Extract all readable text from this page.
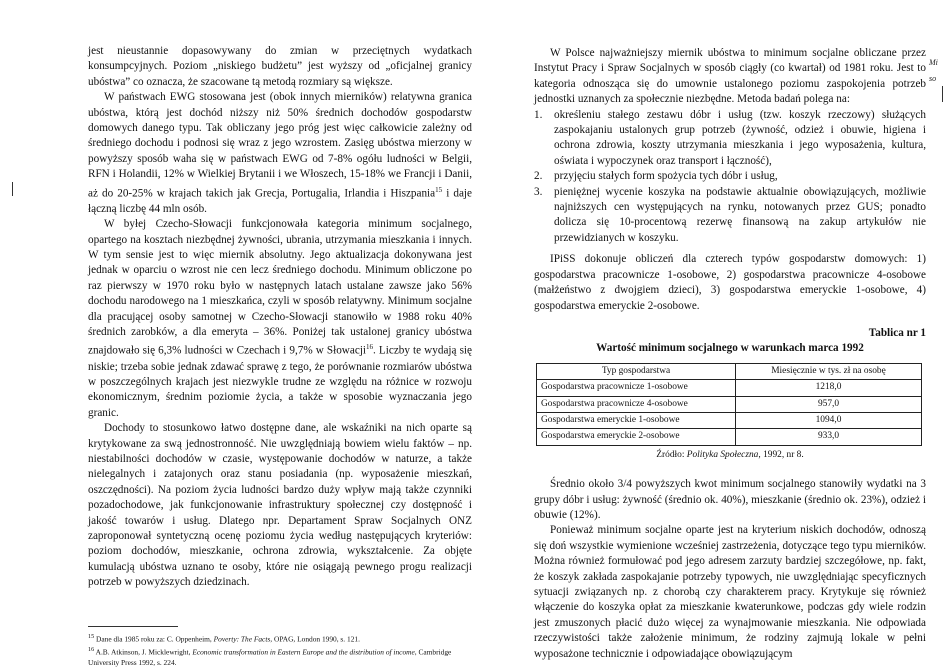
jest nieustannie dopasowywany do zmian w przeciętnych wydatkach konsumpcyjnych. Poziom „niskiego budżetu” jest wyższy od „oficjalnej granicy ubóstwa” co oznacza, że szacowane tą metodą rozmiary są większe.

W państwach EWG stosowana jest (obok innych mierników) relatywna granica ubóstwa, którą jest dochód niższy niż 50% średnich dochodów gospodarstw domowych danego typu. Tak obliczany jego próg jest więc całkowicie zależny od średniego dochodu i podnosi się wraz z jego wzrostem. Zasięg ubóstwa mierzony w powyższy sposób waha się w państwach EWG od 7-8% ogółu ludności w Belgii, RFN i Holandii, 12% w Wielkiej Brytanii i we Włoszech, 15-18% we Francji i Danii, aż do 20-25% w krajach takich jak Grecja, Portugalia, Irlandia i Hiszpania$^{15}$ i daje łączną liczbę 44 mln osób.

W byłej Czecho-Słowacji funkcjonowała kategoria minimum socjalnego, opartego na kosztach niezbędnej żywności, ubrania, utrzymania mieszkania i innych. W tym sensie jest to więc miernik absolutny. Jego aktualizacja dokonywana jest jednak w oparciu o wzrost nie cen lecz średniego dochodu. Minimum obliczone po raz pierwszy w 1970 roku było w następnych latach ustalane zawsze jako 56% dochodu narodowego na 1 mieszkańca, czyli w sposób relatywny. Minimum socjalne dla pracującej osoby samotnej w Czecho-Słowacji stanowiło w 1988 roku 40% średnich zarobków, a dla emeryta – 36%. Poniżej tak ustalonej granicy ubóstwa znajdowało się 6,3% ludności w Czechach i 9,7% w Słowacji$^{16}$. Liczby te wydają się niskie; trzeba sobie jednak zdawać sprawę z tego, że porównanie rozmiarów ubóstwa w poszczególnych krajach jest niezwykle trudne ze względu na różnice w rozwoju ekonomicznym, średnim poziomie życia, a także w sposobie wyznaczania jego granic.

Dochody to stosunkowo łatwo dostępne dane, ale wskaźniki na nich oparte są krytykowane za swą jednostronność. Nie uwzględniają bowiem wielu faktów – np. niestabilności dochodów w czasie, występowanie dochodów w naturze, a także nielegalnych i zatajonych oraz stanu posiadania (np. wyposażenie mieszkań, oszczędności). Na poziom życia ludności bardzo duży wpływ mają także czynniki pozadochodowe, jak funkcjonowanie infrastruktury społecznej czy dostępność i jakość towarów i usług. Dlatego npr. Departament Spraw Socjalnych ONZ zaproponował syntetyczną ocenę poziomu życia według następujących kryteriów: poziom dochodów, mieszkanie, ochrona zdrowia, wykształcenie. Za objęte kumulacją ubóstwa uznano te osoby, które nie osiągają pewnego progu realizacji potrzeb w powyższych dziedzinach.

$^{15}$ Dane dla 1985 roku za: C. Oppenheim, Poverty: The Facts, OPAG, London 1990, s. 121.

$^{16}$ A.B. Atkinson, J. Micklewright, Economic transformation in Eastern Europe and the distribution of income, Cambridge University Press 1992, s. 224.

Mi
so

W Polsce najważniejszy miernik ubóstwa to minimum socjalne obliczane przez Instytut Pracy i Spraw Socjalnych w sposób ciągły (co kwartał) od 1981 roku. Jest to kategoria odnosząca się do umownie ustalonego poziomu zaspokojenia potrzeb jednostki uznanych za społecznie niezbędne. Metoda badań polega na:

1. określeniu stałego zestawu dóbr i usług (tzw. koszyk rzeczowy) służących zaspokajaniu ustalonych grup potrzeb (żywność, odzież i obuwie, higiena i ochrona zdrowia, koszty utrzymania mieszkania i jego wyposażenia, kultura, oświata i wypoczynek oraz transport i łączność),
2. przyjęciu stałych form spożycia tych dóbr i usług,
3. pieniężnej wycenie koszyka na podstawie aktualnie obowiązujących, możliwie najniższych cen występujących na rynku, notowanych przez GUS; ponadto dolicza się 10-procentową rezerwę finansową na zakup artykułów nie przewidzianych w koszyku.

IPiSS dokonuje obliczeń dla czterech typów gospodarstw domowych: 1) gospodarstwa pracownicze 1-osobowe, 2) gospodarstwa pracownicze 4-osobowe (małżeństwo z dwojgiem dzieci), 3) gospodarstwa emeryckie 1-osobowe, 4) gospodarstwa emeryckie 2-osobowe.

Tablica nr 1
Wartość minimum socjalnego w warunkach marca 1992
Typ gospodarstwa	Miesięcznie w tys. zł na osobę
Gospodarstwa pracownicze 1-osobowe	1218,0
Gospodarstwa pracownicze 4-osobowe	957,0
Gospodarstwa emeryckie 1-osobowe	1094,0
Gospodarstwa emeryckie 2-osobowe	933,0
Źródło: Polityka Społeczna, 1992, nr 8.

Średnio około 3/4 powyższych kwot minimum socjalnego stanowiły wydatki na 3 grupy dóbr i usług: żywność (średnio ok. 40%), mieszkanie (średnio ok. 23%), odzież i obuwie (12%).

Ponieważ minimum socjalne oparte jest na kryterium niskich dochodów, odnoszą się doń wszystkie wymienione wcześniej zastrzeżenia, dotyczące tego typu mierników. Można również formułować pod jego adresem zarzuty bardziej szczegółowe, np. fakt, że koszyk zakłada zaspokajanie potrzeby typowych, nie uwzględniając specyficznych sytuacji związanych np. z chorobą czy charakterem pracy. Krytykuje się również włączenie do koszyka opłat za mieszkanie kwaterunkowe, podczas gdy wiele rodzin jest zmuszonych płacić dużo więcej za wynajmowanie mieszkania. Nie odpowiada rzeczywistości także założenie minimum, że rodziny zajmują lokale w pełni wyposażone technicznie i odpowiadające obowiązującym
